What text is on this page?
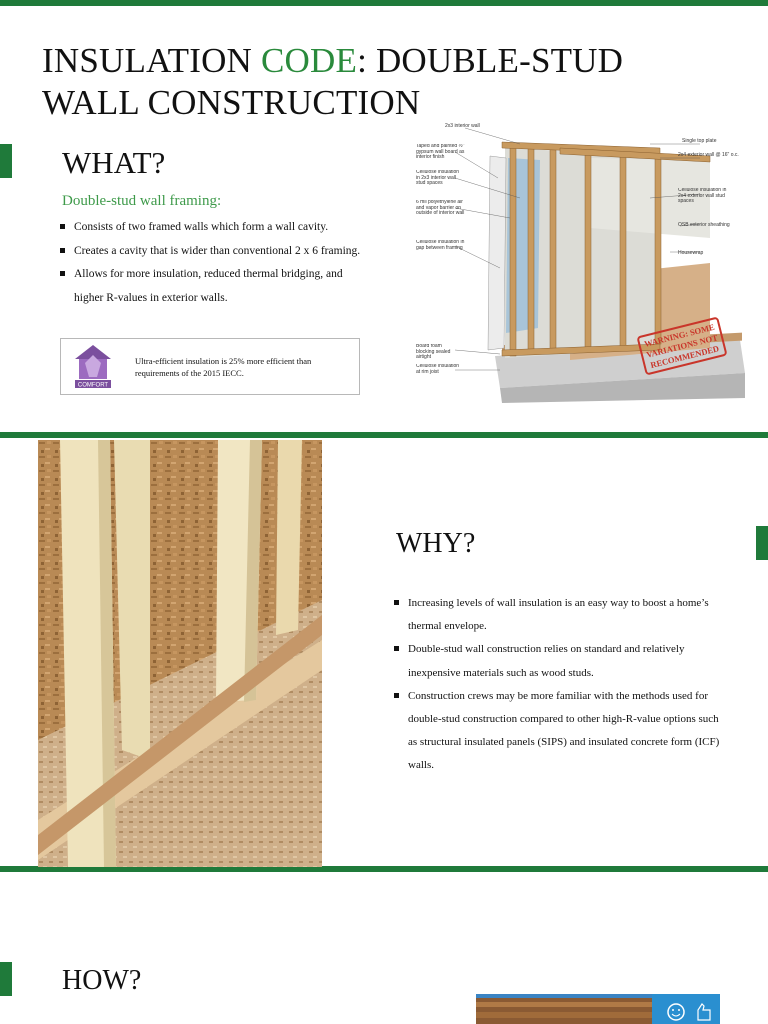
INSULATION CODE: DOUBLE-STUD WALL CONSTRUCTION
WHAT?
Double-stud wall framing:
Consists of two framed walls which form a wall cavity.
Creates a cavity that is wider than conventional 2 x 6 framing.
Allows for more insulation, reduced thermal bridging, and higher R-values in exterior walls.
COMFORT
Ultra-efficient insulation is 25% more efficient than requirements of the 2015 IECC.
2x3 interior wall
Taped and painted ½" gypsum wall board as interior finish
Cellulose insulation in 2x3 interior wall stud spaces
6 mil polyethylene air and vapor barrier on outside of interior wall
Cellulose insulation in gap between framing
Board foam blocking sealed airtight
Cellulose insulation at rim joist
Single top plate
2x4 exterior wall @ 16" o.c.
Cellulose insulation in 2x4 exterior wall stud spaces
OSB exterior sheathing
Housewrap
WARNING: SOME VARIATIONS NOT RECOMMENDED
WHY?
Increasing levels of wall insulation is an easy way to boost a home’s thermal envelope.
Double-stud wall construction relies on standard and relatively inexpensive materials such as wood studs.
Construction crews may be more familiar with the methods used for double-stud construction compared to other high-R-value options such as structural insulated panels (SIPS) and insulated concrete form (ICF) walls.
HOW?
